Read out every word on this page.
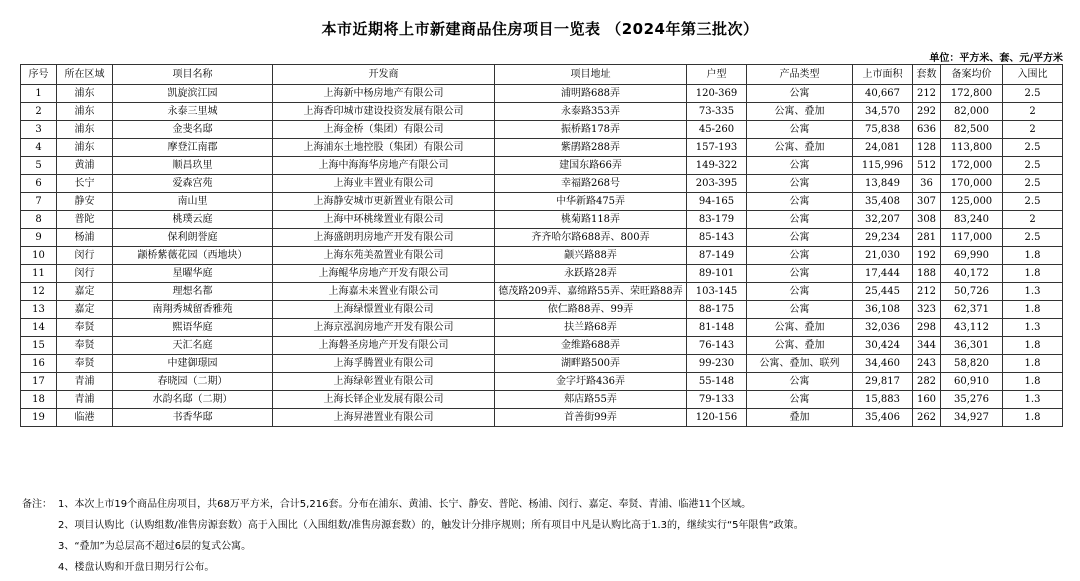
本市近期将上市新建商品住房项目一览表 （2024年第三批次）
单位：平方米、套、元/平方米
序号	所在区域	项目名称	开发商	项目地址	户型	产品类型	上市面积	套数	备案均价	入围比
1	浦东	凯旋滨江园	上海新中杨房地产有限公司	浦明路688弄	120-369	公寓	40,667	212	172,800	2.5
2	浦东	永泰三里城	上海香印城市建设投资发展有限公司	永泰路353弄	73-335	公寓、叠加	34,570	292	82,000	2
3	浦东	金斐名邸	上海金桥（集团）有限公司	振桥路178弄	45-260	公寓	75,838	636	82,500	2
4	浦东	摩登江南郡	上海浦东土地控股（集团）有限公司	紫鹃路288弄	157-193	公寓、叠加	24,081	128	113,800	2.5
5	黄浦	顺昌玖里	上海中海海华房地产有限公司	建国东路66弄	149-322	公寓	115,996	512	172,000	2.5
6	长宁	爱森宫苑	上海业丰置业有限公司	幸福路268号	203-395	公寓	13,849	36	170,000	2.5
7	静安	南山里	上海静安城市更新置业有限公司	中华新路475弄	94-165	公寓	35,408	307	125,000	2.5
8	普陀	桃璞云庭	上海中环桃缘置业有限公司	桃菊路118弄	83-179	公寓	32,207	308	83,240	2
9	杨浦	保利朗誉庭	上海盛朗玥房地产开发有限公司	齐齐哈尔路688弄、800弄	85-143	公寓	29,234	281	117,000	2.5
10	闵行	颛桥紫薇花园（西地块）	上海东苑美盈置业有限公司	颛兴路88弄	87-149	公寓	21,030	192	69,990	1.8
11	闵行	星曜华庭	上海鲲华房地产开发有限公司	永跃路28弄	89-101	公寓	17,444	188	40,172	1.8
12	嘉定	理想名都	上海嘉未来置业有限公司	德茂路209弄、嘉绵路55弄、荣旺路88弄	103-145	公寓	25,445	212	50,726	1.3
13	嘉定	南翔秀城留香雅苑	上海绿憬置业有限公司	依仁路88弄、99弄	88-175	公寓	36,108	323	62,371	1.8
14	奉贤	熙语华庭	上海京泓润房地产开发有限公司	扶兰路68弄	81-148	公寓、叠加	32,036	298	43,112	1.3
15	奉贤	天汇名庭	上海磐圣房地产开发有限公司	金维路688弄	76-143	公寓、叠加	30,424	344	36,301	1.8
16	奉贤	中建御璟园	上海孚腾置业有限公司	湖畔路500弄	99-230	公寓、叠加、联列	34,460	243	58,820	1.8
17	青浦	春晓园（二期）	上海绿彰置业有限公司	金字圩路436弄	55-148	公寓	29,817	282	60,910	1.8
18	青浦	水韵名邸（二期）	上海长铎企业发展有限公司	郏店路55弄	79-133	公寓	15,883	160	35,276	1.3
19	临港	书香华邸	上海昇港置业有限公司	首善街99弄	120-156	叠加	35,406	262	34,927	1.8
备注： 1、本次上市19个商品住房项目，共68万平方米，合计5,216套。分布在浦东、黄浦、长宁、静安、普陀、杨浦、闵行、嘉定、奉贤、青浦、临港11个区域。
2、项目认购比（认购组数/准售房源套数）高于入围比（入围组数/准售房源套数）的，触发计分排序规则；所有项目中凡是认购比高于1.3的，继续实行“5年限售”政策。
3、“叠加”为总层高不超过6层的复式公寓。
4、楼盘认购和开盘日期另行公布。
